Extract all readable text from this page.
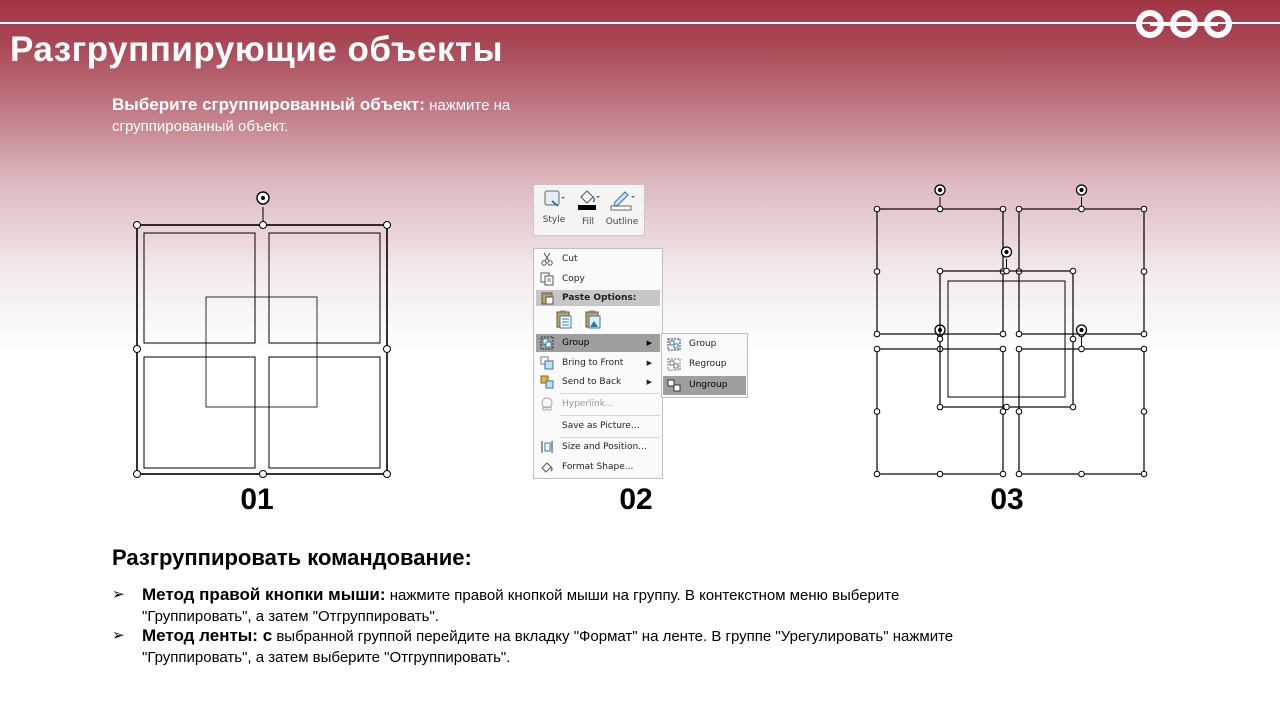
Разгруппирующие объекты
Выберите сгруппированный объект: нажмите на сгруппированный объект.
01
Style	Fill	Outline
Cut
Copy
Paste Options:
Group	▶
Bring to Front	▶
Send to Back	▶
Hyperlink...
Save as Picture...
Size and Position...
Format Shape...
Group
Regroup
Ungroup
02	03
Разгруппировать командование:
➢ Метод правой кнопки мыши: нажмите правой кнопкой мыши на группу. В контекстном меню выберите "Группировать", а затем "Отгруппировать".
➢ Метод ленты: с выбранной группой перейдите на вкладку "Формат" на ленте. В группе "Урегулировать" нажмите "Группировать", а затем выберите "Отгруппировать".
